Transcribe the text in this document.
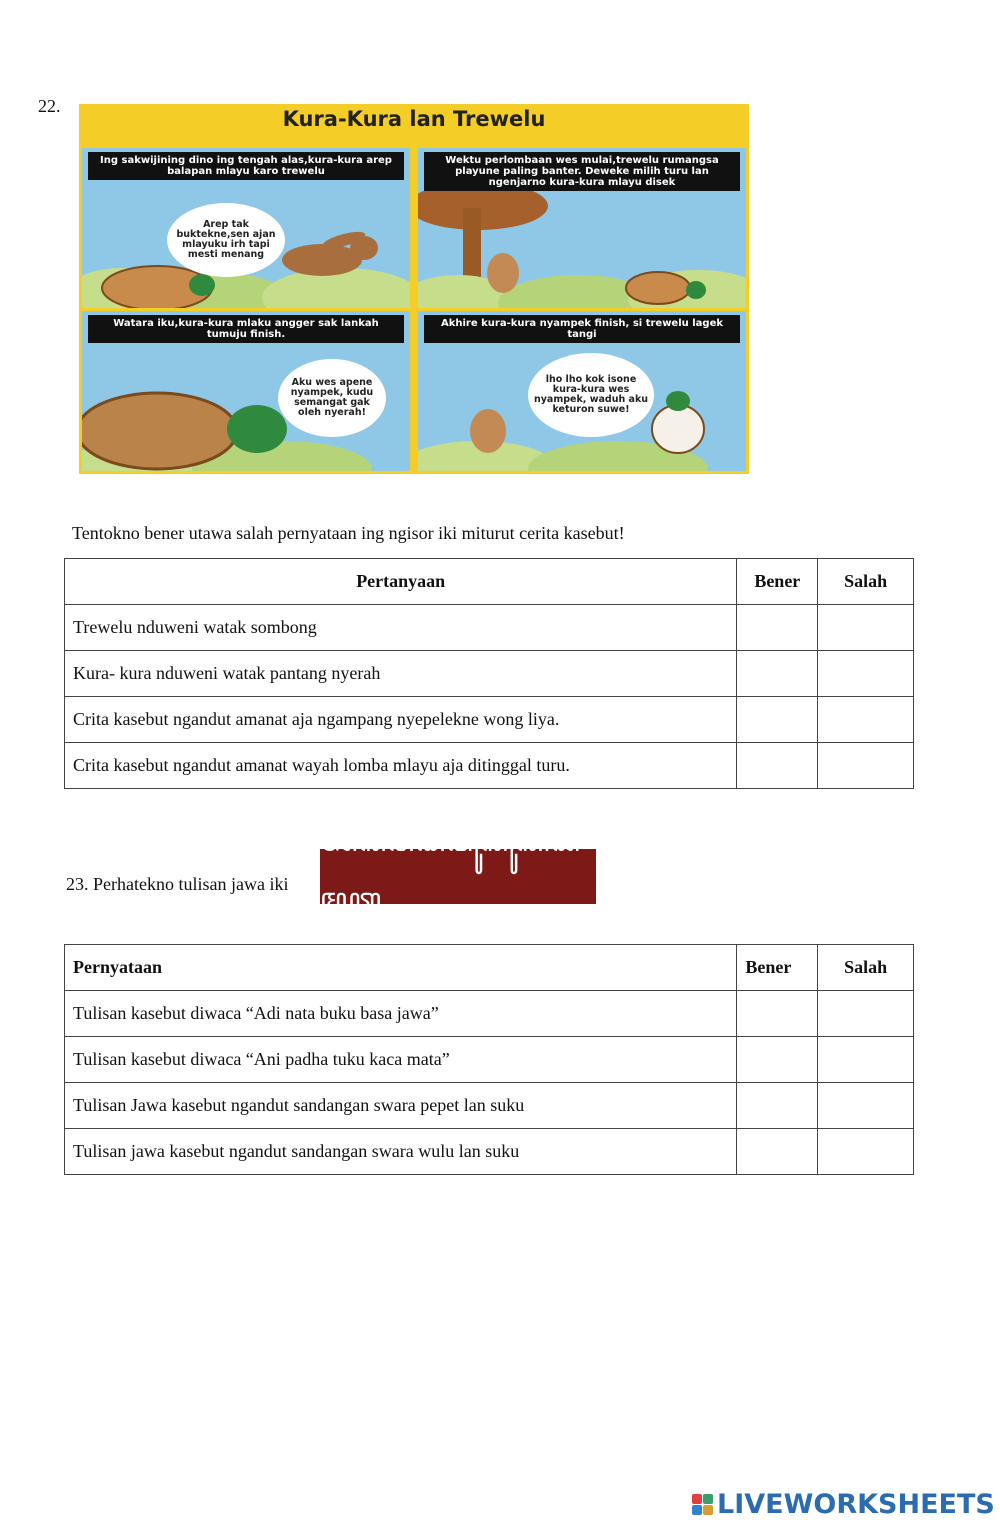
22.
Kura-Kura lan Trewelu
Ing sakwijining dino ing tengah alas,kura-kura arep balapan mlayu karo trewelu
Arep tak buktekne,sen ajan mlayuku irh tapi mesti menang
Wektu perlombaan wes mulai,trewelu rumangsa playune paling banter. Deweke milih turu lan ngenjarno kura-kura mlayu disek
Watara iku,kura-kura mlaku angger sak lankah tumuju finish.
Aku wes apene nyampek, kudu semangat gak oleh nyerah!
Akhire kura-kura nyampek finish, si trewelu lagek tangi
lho lho kok isone kura-kura wes nyampek, waduh aku keturon suwe!
Tentokno bener utawa salah pernyataan ing ngisor iki miturut cerita kasebut!
Pertanyaan	Bener	Salah
Trewelu nduweni watak sombong		
Kura- kura nduweni watak pantang nyerah		
Crita kasebut ngandut amanat aja ngampang nyepelekne wong liya.		
Crita kasebut ngandut amanat wayah lomba mlayu aja ditinggal turu.		
23. Perhatekno tulisan jawa iki
ꦄꦤꦶꦥꦝꦠꦸꦏꦸꦏꦕꦩꦠ
Pernyataan	Bener	Salah
Tulisan kasebut diwaca “Adi nata buku basa jawa”		
Tulisan kasebut diwaca “Ani padha tuku kaca mata”		
Tulisan Jawa kasebut ngandut sandangan swara pepet lan suku		
Tulisan jawa kasebut ngandut sandangan swara wulu lan suku		
LIVEWORKSHEETS
